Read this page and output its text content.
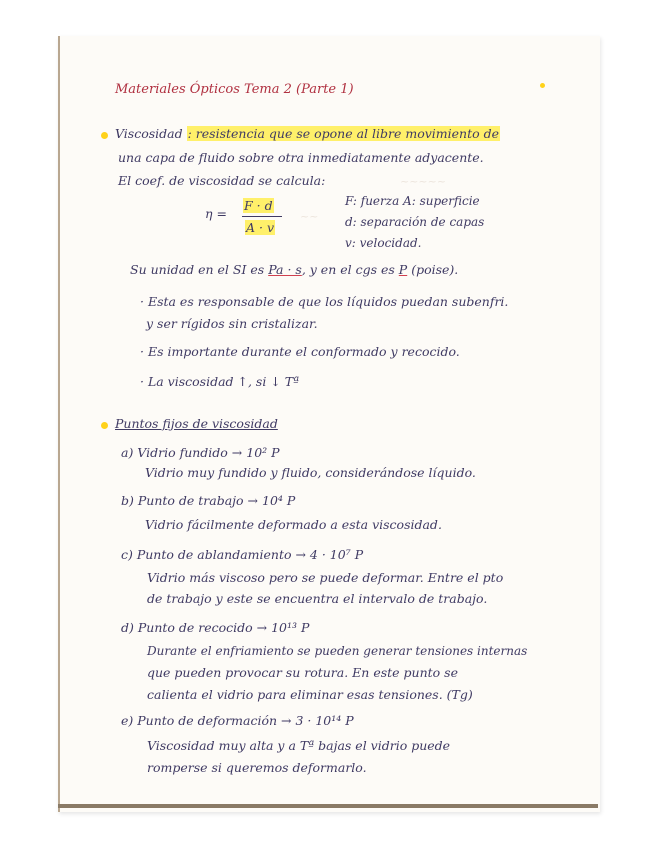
~~~~~
~~
Materiales Ópticos Tema 2 (Parte 1)
Viscosidad : resistencia que se opone al libre movimiento de
una capa de fluido sobre otra inmediatamente adyacente.
El coef. de viscosidad se calcula:
η =
F · d
A · v
F: fuerza A: superficie
d: separación de capas
v: velocidad.
Su unidad en el SI es Pa · s, y en el cgs es P (poise).
· Esta es responsable de que los líquidos puedan subenfri.
y ser rígidos sin cristalizar.
· Es importante durante el conformado y recocido.
· La viscosidad ↑, si ↓ Tª
Puntos fijos de viscosidad
a) Vidrio fundido → 10² P
Vidrio muy fundido y fluido, considerándose líquido.
b) Punto de trabajo → 10⁴ P
Vidrio fácilmente deformado a esta viscosidad.
c) Punto de ablandamiento → 4 · 10⁷ P
Vidrio más viscoso pero se puede deformar. Entre el pto
de trabajo y este se encuentra el intervalo de trabajo.
d) Punto de recocido → 10¹³ P
Durante el enfriamiento se pueden generar tensiones internas
que pueden provocar su rotura. En este punto se
calienta el vidrio para eliminar esas tensiones. (Tg)
e) Punto de deformación → 3 · 10¹⁴ P
Viscosidad muy alta y a Tª bajas el vidrio puede
romperse si queremos deformarlo.
